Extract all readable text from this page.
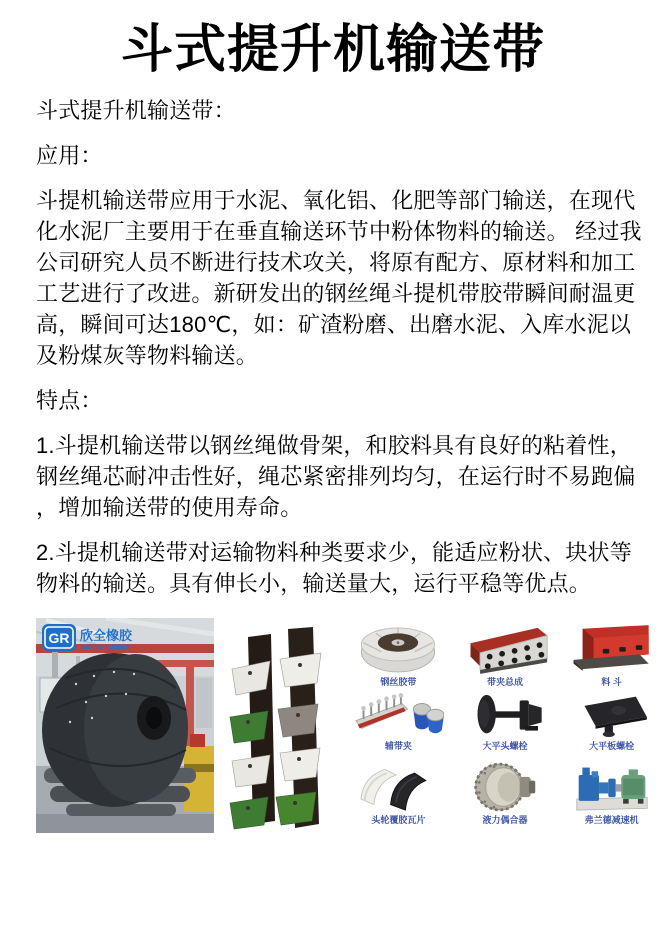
斗式提升机输送带
斗式提升机输送带：
应用：
斗提机输送带应用于水泥、氧化铝、化肥等部门输送，在现代
化水泥厂主要用于在垂直输送环节中粉体物料的输送。 经过我
公司研究人员不断进行技术攻关，将原有配方、原材料和加工
工艺进行了改进。新研发出的钢丝绳斗提机带胶带瞬间耐温更
高，瞬间可达180℃，如：矿渣粉磨、出磨水泥、入库水泥以
及粉煤灰等物料输送。
特点：
1.斗提机输送带以钢丝绳做骨架，和胶料具有良好的粘着性，
钢丝绳芯耐冲击性好，绳芯紧密排列均匀，在运行时不易跑偏
，增加输送带的使用寿命。
2.斗提机输送带对运输物料种类要求少，能适应粉状、块状等
物料的输送。具有伸长小，输送量大，运行平稳等优点。
GR 欣全橡胶
GRAND RUBBER
钢丝胶带	带夹总成	料 斗
辅带夹	大平头螺栓	大平板螺栓
头轮覆胶瓦片	液力偶合器	弗兰德减速机
